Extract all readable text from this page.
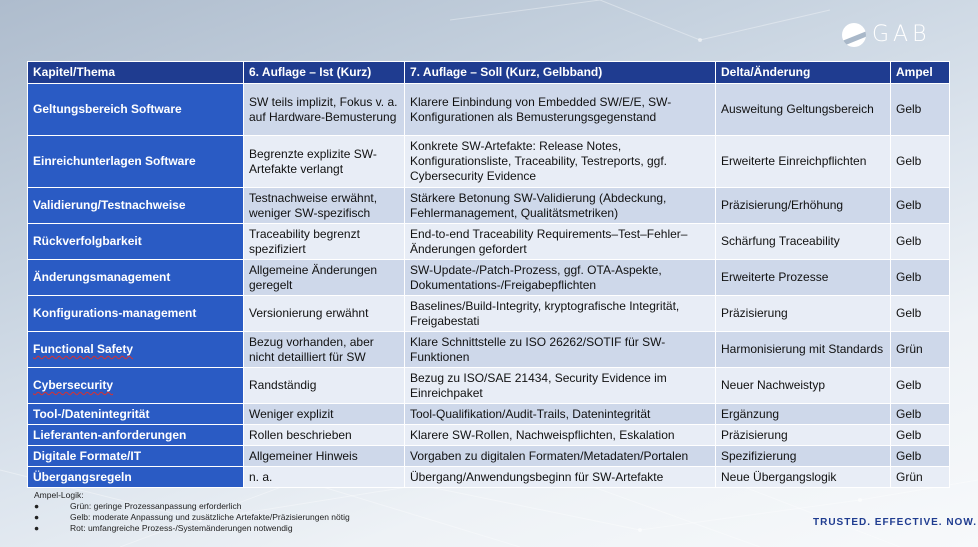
GAB
Kapitel/Thema	6. Auflage – Ist (Kurz)	7. Auflage – Soll (Kurz, Gelbband)	Delta/Änderung	Ampel
Geltungsbereich Software	SW teils implizit, Fokus v. a. auf Hardware-Bemusterung	Klarere Einbindung von Embedded SW/E/E, SW-Konfigurationen als Bemusterungsgegenstand	Ausweitung Geltungsbereich	Gelb
Einreichunterlagen Software	Begrenzte explizite SW-Artefakte verlangt	Konkrete SW-Artefakte: Release Notes, Konfigurationsliste, Traceability, Testreports, ggf. Cybersecurity Evidence	Erweiterte Einreichpflichten	Gelb
Validierung/Testnachweise	Testnachweise erwähnt, weniger SW-spezifisch	Stärkere Betonung SW-Validierung (Abdeckung, Fehlermanagement, Qualitätsmetriken)	Präzisierung/Erhöhung	Gelb
Rückverfolgbarkeit	Traceability begrenzt spezifiziert	End-to-end Traceability Requirements–Test–Fehler–Änderungen gefordert	Schärfung Traceability	Gelb
Änderungsmanagement	Allgemeine Änderungen geregelt	SW-Update-/Patch-Prozess, ggf. OTA-Aspekte, Dokumentations-/Freigabepflichten	Erweiterte Prozesse	Gelb
Konfigurations-management	Versionierung erwähnt	Baselines/Build-Integrity, kryptografische Integrität, Freigabestati	Präzisierung	Gelb
Functional Safety	Bezug vorhanden, aber nicht detailliert für SW	Klare Schnittstelle zu ISO 26262/SOTIF für SW-Funktionen	Harmonisierung mit Standards	Grün
Cybersecurity	Randständig	Bezug zu ISO/SAE 21434, Security Evidence im Einreichpaket	Neuer Nachweistyp	Gelb
Tool-/Datenintegrität	Weniger explizit	Tool-Qualifikation/Audit-Trails, Datenintegrität	Ergänzung	Gelb
Lieferanten-anforderungen	Rollen beschrieben	Klarere SW-Rollen, Nachweispflichten, Eskalation	Präzisierung	Gelb
Digitale Formate/IT	Allgemeiner Hinweis	Vorgaben zu digitalen Formaten/Metadaten/Portalen	Spezifizierung	Gelb
Übergangsregeln	n. a.	Übergang/Anwendungsbeginn für SW-Artefakte	Neue Übergangslogik	Grün
Ampel-Logik:
●	Grün: geringe Prozessanpassung erforderlich
●	Gelb: moderate Anpassung und zusätzliche Artefakte/Präzisierungen nötig
●	Rot: umfangreiche Prozess-/Systemänderungen notwendig	TRUSTED. EFFECTIVE. NOW.
